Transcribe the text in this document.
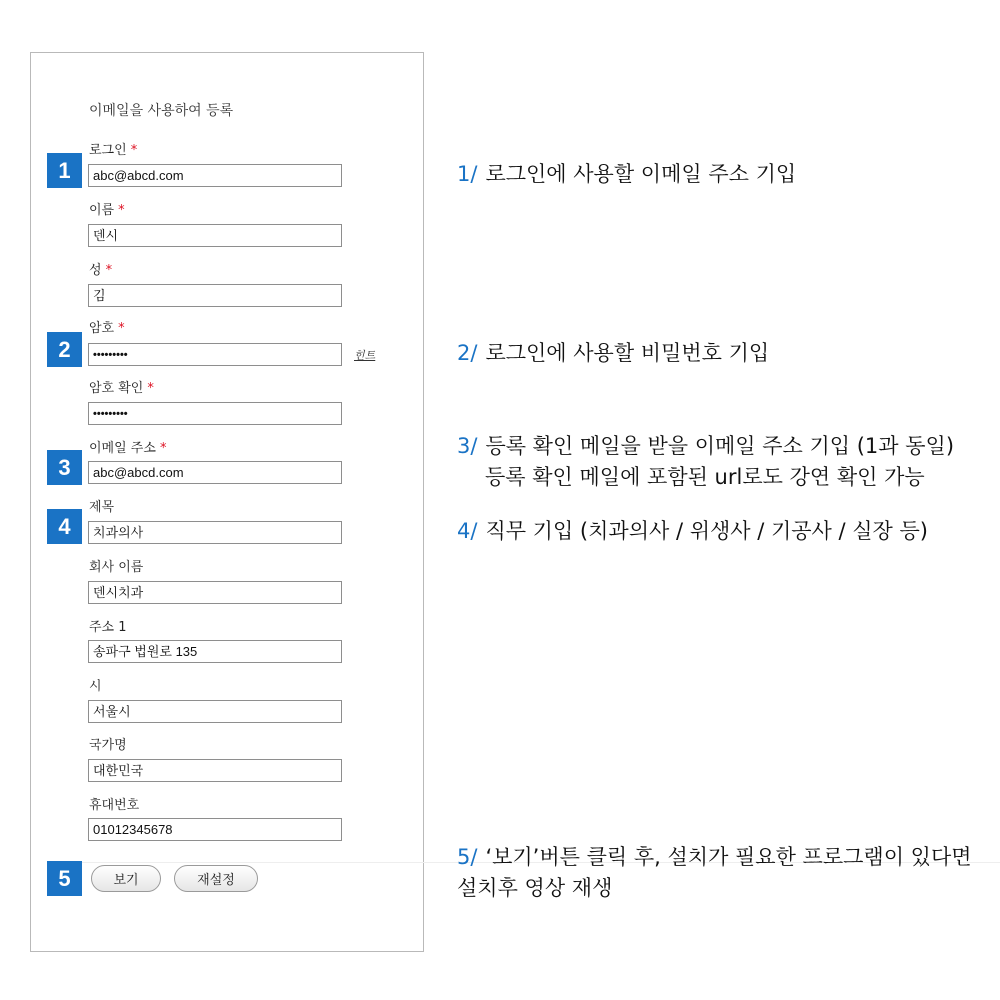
이메일을 사용하여 등록
로그인 *
abc@abcd.com
이름 *
덴시
성 *
김
암호 *
•••••••••	힌트
암호 확인 *
•••••••••
이메일 주소 *
abc@abcd.com
제목
치과의사
회사 이름
덴시치과
주소 1
송파구 법원로 135
시
서울시
국가명
대한민국
휴대번호
01012345678
보기	재설정
1
2
3
4
5
1/ 로그인에 사용할 이메일 주소 기입
2/ 로그인에 사용할 비밀번호 기입
3/ 등록 확인 메일을 받을 이메일 주소 기입 (1과 동일)
등록 확인 메일에 포함된 url로도 강연 확인 가능
4/ 직무 기입 (치과의사 / 위생사 / 기공사 / 실장 등)
5/ ‘보기’버튼 클릭 후, 설치가 필요한 프로그램이 있다면
설치후 영상 재생
